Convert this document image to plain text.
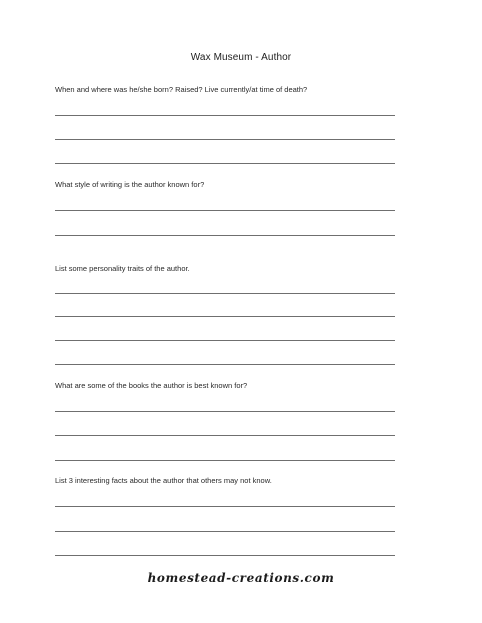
Wax Museum - Author
When and where was he/she born? Raised? Live currently/at time of death?
What style of writing is the author known for?
List some personality traits of the author.
What are some of the books the author is best known for?
List 3 interesting facts about the author that others may not know.
homestead-creations.com
